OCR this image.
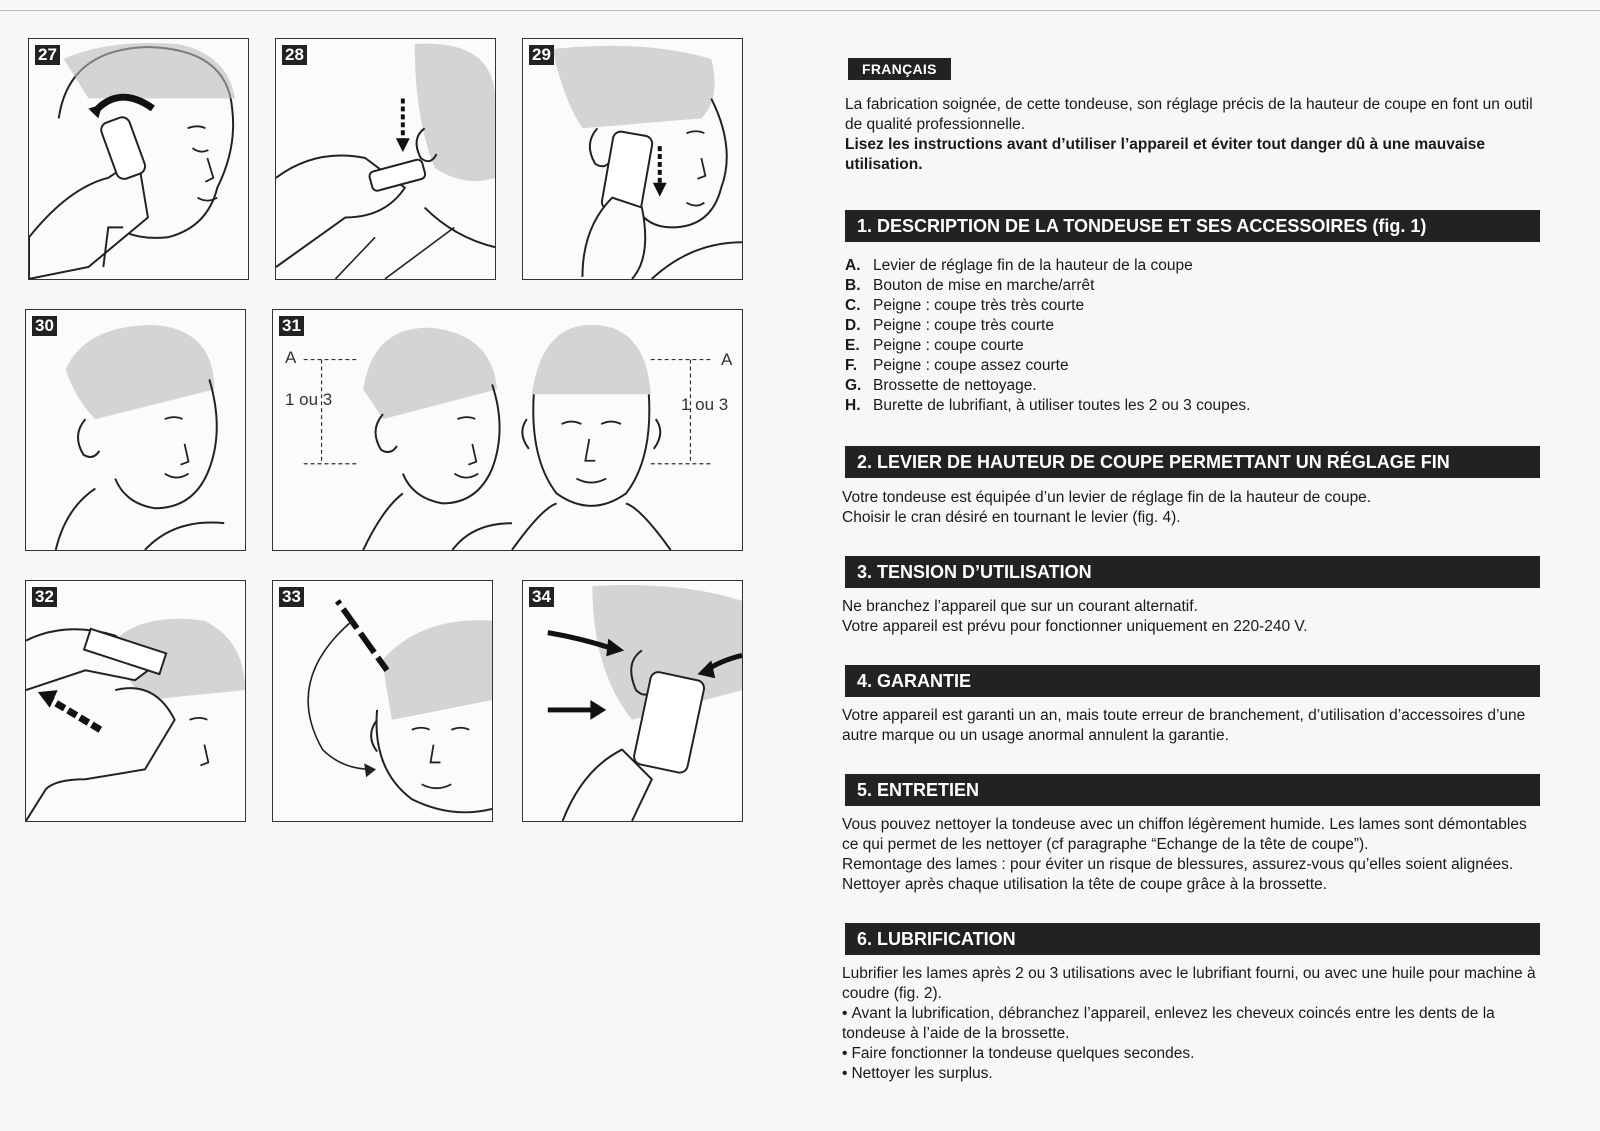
27	28	29
30	31
A
1 ou 3
A
1 ou 3
32	33	34
FRANÇAIS

La fabrication soignée, de cette tondeuse, son réglage précis de la hauteur de coupe en font un outil de qualité professionnelle.

Lisez les instructions avant d’utiliser l’appareil et éviter tout danger dû à une mauvaise utilisation.
1. DESCRIPTION DE LA TONDEUSE ET SES ACCESSOIRES (fig. 1)
A. Levier de réglage fin de la hauteur de la coupe
B. Bouton de mise en marche/arrêt
C. Peigne : coupe très très courte
D. Peigne : coupe très courte
E. Peigne : coupe courte
F.	Peigne : coupe assez courte
G. Brossette de nettoyage.
H. Burette de lubrifiant, à utiliser toutes les 2 ou 3 coupes.
2. LEVIER DE HAUTEUR DE COUPE PERMETTANT UN RÉGLAGE FIN

Votre tondeuse est équipée d’un levier de réglage fin de la hauteur de coupe.

Choisir le cran désiré en tournant le levier (fig. 4).

3. TENSION D’UTILISATION

Ne branchez l’appareil que sur un courant alternatif.

Votre appareil est prévu pour fonctionner uniquement en 220-240 V.

4. GARANTIE

Votre appareil est garanti un an, mais toute erreur de branchement, d’utilisation d’accessoires d’une autre marque ou un usage anormal annulent la garantie.

5. ENTRETIEN

Vous pouvez nettoyer la tondeuse avec un chiffon légèrement humide. Les lames sont démontables ce qui permet de les nettoyer (cf paragraphe “Echange de la tête de coupe”).

Remontage des lames : pour éviter un risque de blessures, assurez-vous qu’elles soient alignées.

Nettoyer après chaque utilisation la tête de coupe grâce à la brossette.

6. LUBRIFICATION

Lubrifier les lames après 2 ou 3 utilisations avec le lubrifiant fourni, ou avec une huile pour machine à coudre (fig. 2).

• Avant la lubrification, débranchez l’appareil, enlevez les cheveux coincés entre les dents de la tondeuse à l’aide de la brossette.

• Faire fonctionner la tondeuse quelques secondes.

• Nettoyer les surplus.
